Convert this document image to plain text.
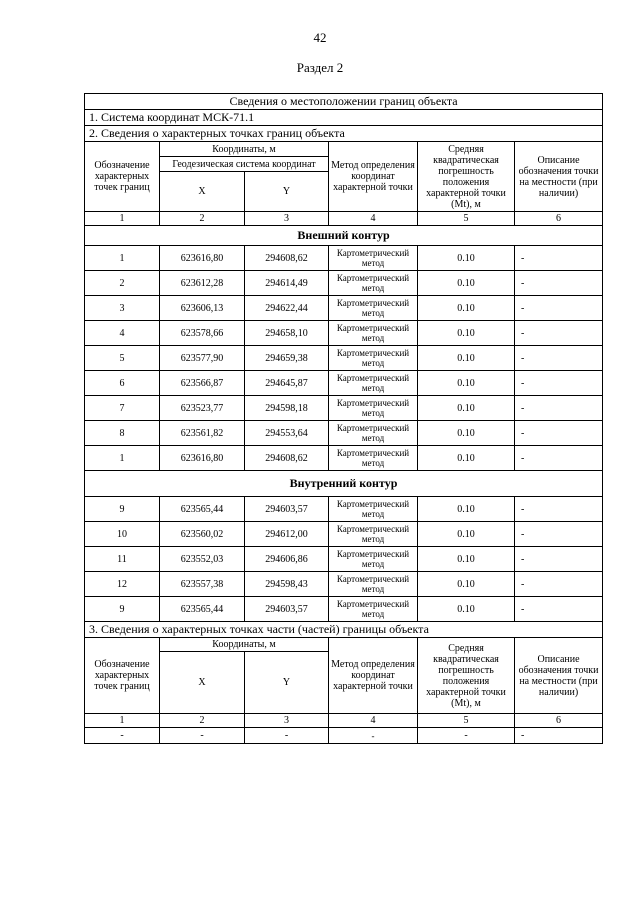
42
Раздел 2
Сведения о местоположении границ объекта					
1. Система координат МСК-71.1					
2. Сведения о характерных точках границ объекта					
Обозначение характерных точек границ	Координаты, м		Метод определения координат характерной точки	Средняя квадратическая погрешность положения характерной точки (Мt), м	Описание обозначения точки на местности (при наличии)
	Геодезическая система координат				
	X	Y			
1	2	3	4	5	6
Внешний контур					
1	623616,80	294608,62	Картометрический метод	0.10	-
2	623612,28	294614,49	Картометрический метод	0.10	-
3	623606,13	294622,44	Картометрический метод	0.10	-
4	623578,66	294658,10	Картометрический метод	0.10	-
5	623577,90	294659,38	Картометрический метод	0.10	-
6	623566,87	294645,87	Картометрический метод	0.10	-
7	623523,77	294598,18	Картометрический метод	0.10	-
8	623561,82	294553,64	Картометрический метод	0.10	-
1	623616,80	294608,62	Картометрический метод	0.10	-
Внутренний контур					
9	623565,44	294603,57	Картометрический метод	0.10	-
10	623560,02	294612,00	Картометрический метод	0.10	-
11	623552,03	294606,86	Картометрический метод	0.10	-
12	623557,38	294598,43	Картометрический метод	0.10	-
9	623565,44	294603,57	Картометрический метод	0.10	-
3. Сведения о характерных точках части (частей) границы объекта					
Обозначение характерных точек границ	Координаты, м		Метод определения координат характерной точки	Средняя квадратическая погрешность положения характерной точки (Мt), м	Описание обозначения точки на местности (при наличии)
	X	Y			
1	2	3	4	5	6
-	-	-	-	-	-
